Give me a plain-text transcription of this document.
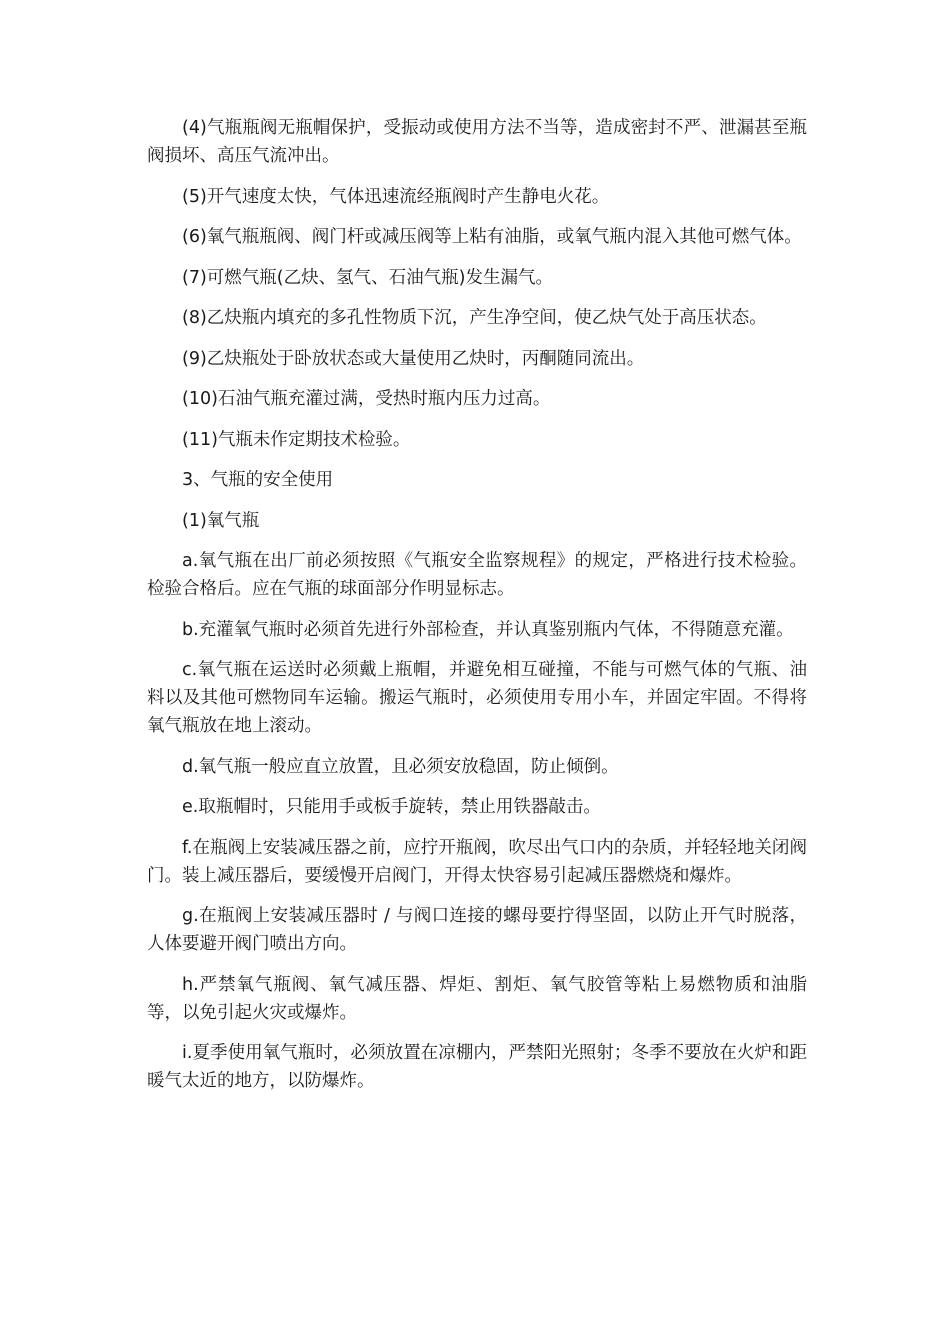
(4)气瓶瓶阀无瓶帽保护，受振动或使用方法不当等，造成密封不严、泄漏甚至瓶阀损坏、高压气流冲出。

(5)开气速度太快，气体迅速流经瓶阀时产生静电火花。

(6)氧气瓶瓶阀、阀门杆或减压阀等上粘有油脂，或氧气瓶内混入其他可燃气体。

(7)可燃气瓶(乙炔、氢气、石油气瓶)发生漏气。

(8)乙炔瓶内填充的多孔性物质下沉，产生净空间，使乙炔气处于高压状态。

(9)乙炔瓶处于卧放状态或大量使用乙炔时，丙酮随同流出。

(10)石油气瓶充灌过满，受热时瓶内压力过高。

(11)气瓶未作定期技术检验。

3、气瓶的安全使用

(1)氧气瓶

a.氧气瓶在出厂前必须按照《气瓶安全监察规程》的规定，严格进行技术检验。检验合格后。应在气瓶的球面部分作明显标志。

b.充灌氧气瓶时必须首先进行外部检查，并认真鉴别瓶内气体，不得随意充灌。

c.氧气瓶在运送时必须戴上瓶帽，并避免相互碰撞，不能与可燃气体的气瓶、油料以及其他可燃物同车运输。搬运气瓶时，必须使用专用小车，并固定牢固。不得将氧气瓶放在地上滚动。

d.氧气瓶一般应直立放置，且必须安放稳固，防止倾倒。

e.取瓶帽时，只能用手或板手旋转，禁止用铁器敲击。

f.在瓶阀上安装减压器之前，应拧开瓶阀，吹尽出气口内的杂质，并轻轻地关闭阀门。装上减压器后，要缓慢开启阀门，开得太快容易引起减压器燃烧和爆炸。

g.在瓶阀上安装减压器时 / 与阀口连接的螺母要拧得坚固，以防止开气时脱落，人体要避开阀门喷出方向。

h.严禁氧气瓶阀、氧气减压器、焊炬、割炬、氧气胶管等粘上易燃物质和油脂等，以免引起火灾或爆炸。

i.夏季使用氧气瓶时，必须放置在凉棚内，严禁阳光照射；冬季不要放在火炉和距暖气太近的地方，以防爆炸。
